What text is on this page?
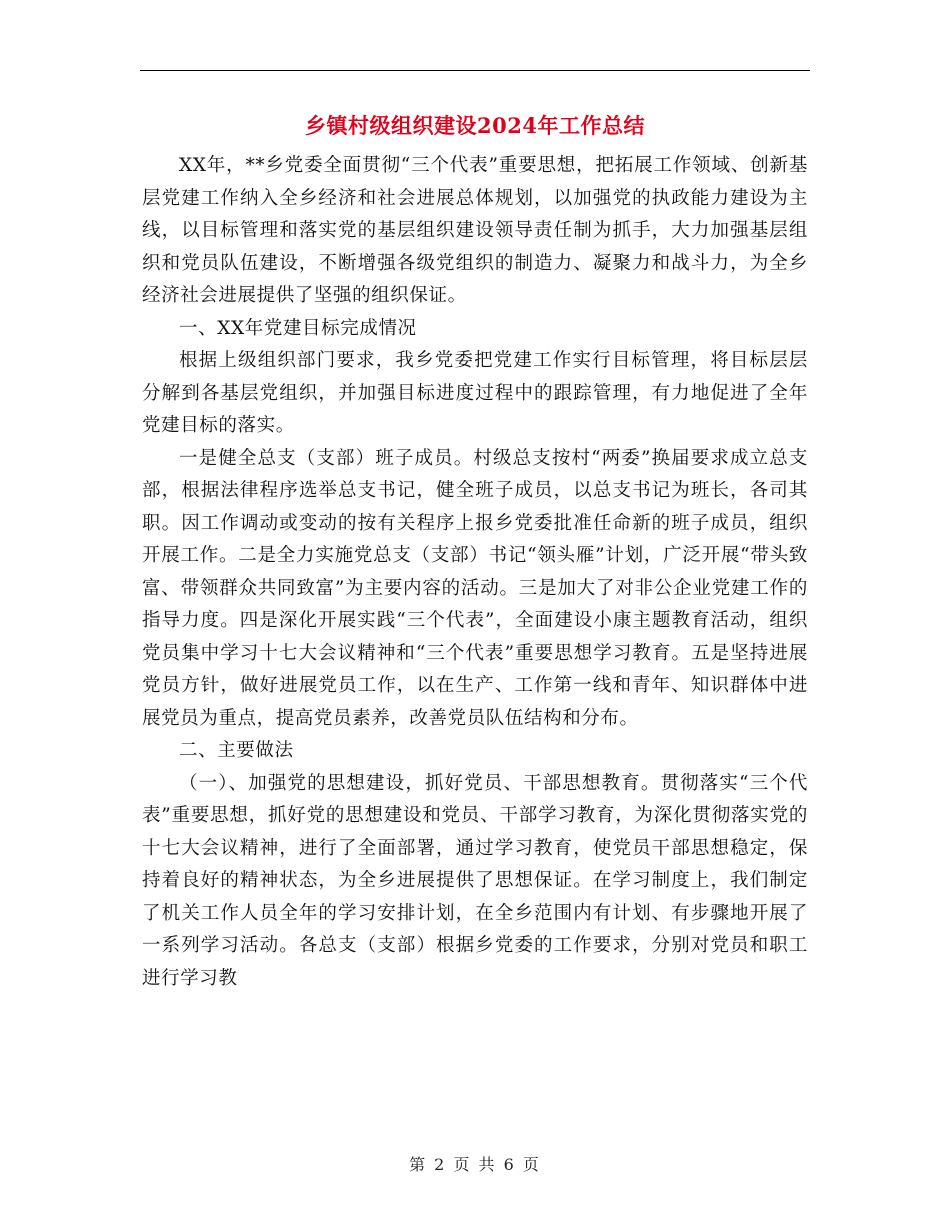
乡镇村级组织建设2024年工作总结

XX年，**乡党委全面贯彻“三个代表”重要思想，把拓展工作领域、创新基层党建工作纳入全乡经济和社会进展总体规划，以加强党的执政能力建设为主线，以目标管理和落实党的基层组织建设领导责任制为抓手，大力加强基层组织和党员队伍建设，不断增强各级党组织的制造力、凝聚力和战斗力，为全乡经济社会进展提供了坚强的组织保证。

一、XX年党建目标完成情况

根据上级组织部门要求，我乡党委把党建工作实行目标管理，将目标层层分解到各基层党组织，并加强目标进度过程中的跟踪管理，有力地促进了全年党建目标的落实。

一是健全总支（支部）班子成员。村级总支按村“两委”换届要求成立总支部，根据法律程序选举总支书记，健全班子成员，以总支书记为班长，各司其职。因工作调动或变动的按有关程序上报乡党委批准任命新的班子成员，组织开展工作。二是全力实施党总支（支部）书记“领头雁”计划，广泛开展“带头致富、带领群众共同致富”为主要内容的活动。三是加大了对非公企业党建工作的指导力度。四是深化开展实践“三个代表”，全面建设小康主题教育活动，组织党员集中学习十七大会议精神和“三个代表”重要思想学习教育。五是坚持进展党员方针，做好进展党员工作，以在生产、工作第一线和青年、知识群体中进展党员为重点，提高党员素养，改善党员队伍结构和分布。

二、主要做法

（一）、加强党的思想建设，抓好党员、干部思想教育。贯彻落实“三个代表”重要思想，抓好党的思想建设和党员、干部学习教育，为深化贯彻落实党的十七大会议精神，进行了全面部署，通过学习教育，使党员干部思想稳定，保持着良好的精神状态，为全乡进展提供了思想保证。在学习制度上，我们制定了机关工作人员全年的学习安排计划，在全乡范围内有计划、有步骤地开展了一系列学习活动。各总支（支部）根据乡党委的工作要求，分别对党员和职工进行学习教

第 2 页 共 6 页
